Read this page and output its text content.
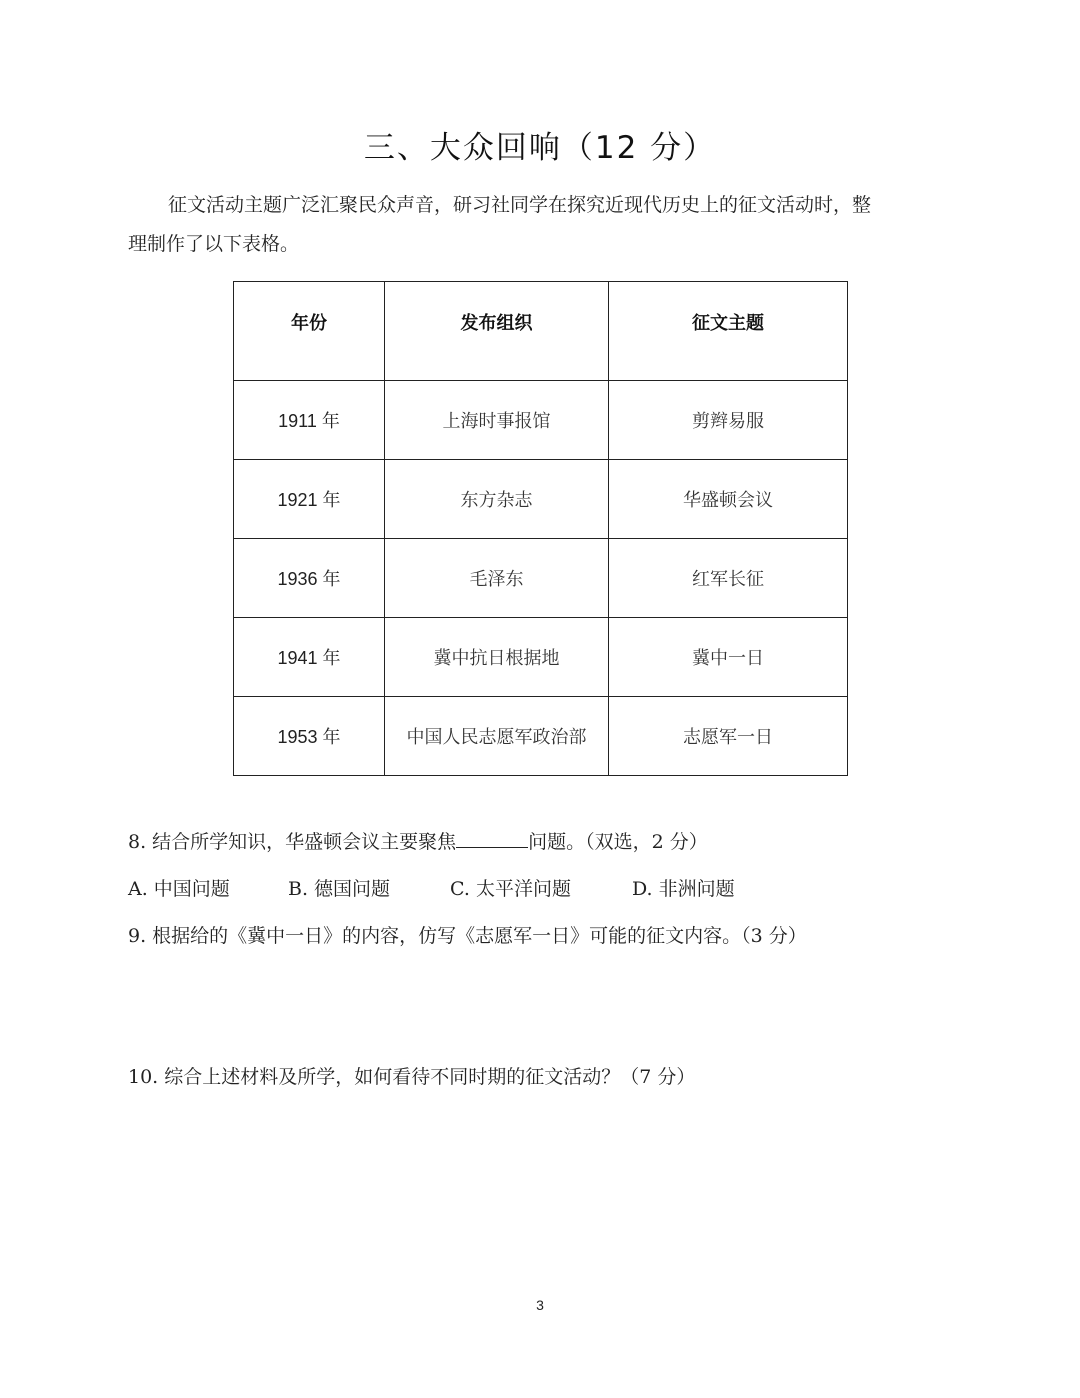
三、大众回响（12 分）
征文活动主题广泛汇聚民众声音，研习社同学在探究近现代历史上的征文活动时，整
理制作了以下表格。
年份	发布组织	征文主题
1911 年	上海时事报馆	剪辫易服
1921 年	东方杂志	华盛顿会议
1936 年	毛泽东	红军长征
1941 年	冀中抗日根据地	冀中一日
1953 年	中国人民志愿军政治部	志愿军一日
8. 结合所学知识，华盛顿会议主要聚焦	问题。（双选，2 分）
A. 中国问题	B. 德国问题	C. 太平洋问题	D. 非洲问题
9. 根据给的《冀中一日》的内容，仿写《志愿军一日》可能的征文内容。（3 分）
10. 综合上述材料及所学，如何看待不同时期的征文活动？（7 分）
3
